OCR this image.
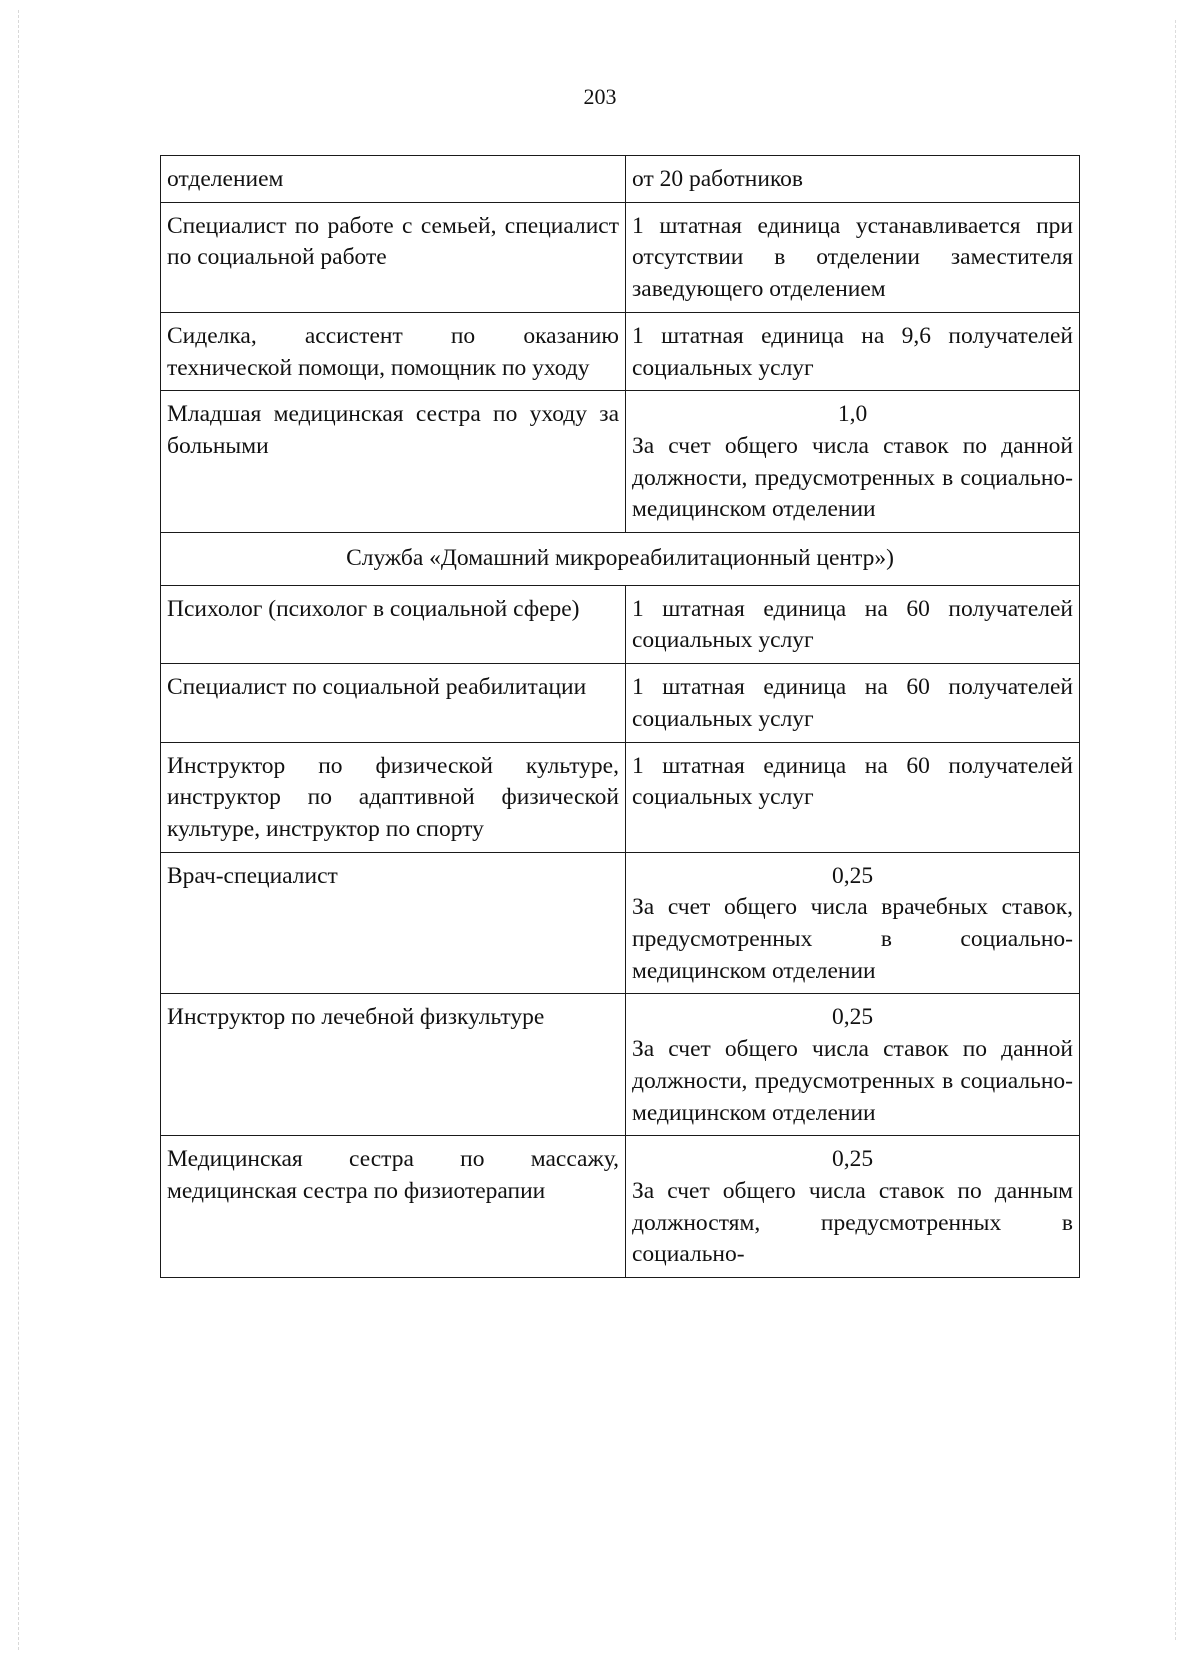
203
отделением	от 20 работников

Специалист по работе с семьей, специалист по социальной работе	1 штатная единица устанавливается при отсутствии в отделении заместителя заведующего отделением

Сиделка, ассистент по оказанию технической помощи, помощник по уходу	1 штатная единица на 9,6 получателей социальных услуг

Младшая медицинская сестра по уходу за больными	1,0
За счет общего числа ставок по данной должности, предусмотренных в социально-медицинском отделении

Служба «Домашний микрореабилитационный центр»)	
Психолог (психолог в социальной сфере)	1 штатная единица на 60 получателей социальных услуг

Специалист по социальной реабилитации	1 штатная единица на 60 получателей социальных услуг

Инструктор по физической культуре, инструктор по адаптивной физической культуре, инструктор по спорту	1 штатная единица на 60 получателей социальных услуг

Врач-специалист	0,25
За счет общего числа врачебных ставок, предусмотренных в социально-медицинском отделении

Инструктор по лечебной физкультуре	0,25
За счет общего числа ставок по данной должности, предусмотренных в социально-медицинском отделении

Медицинская сестра по массажу, медицинская сестра по физиотерапии	0,25
За счет общего числа ставок по данным должностям, предусмотренных в социально-
